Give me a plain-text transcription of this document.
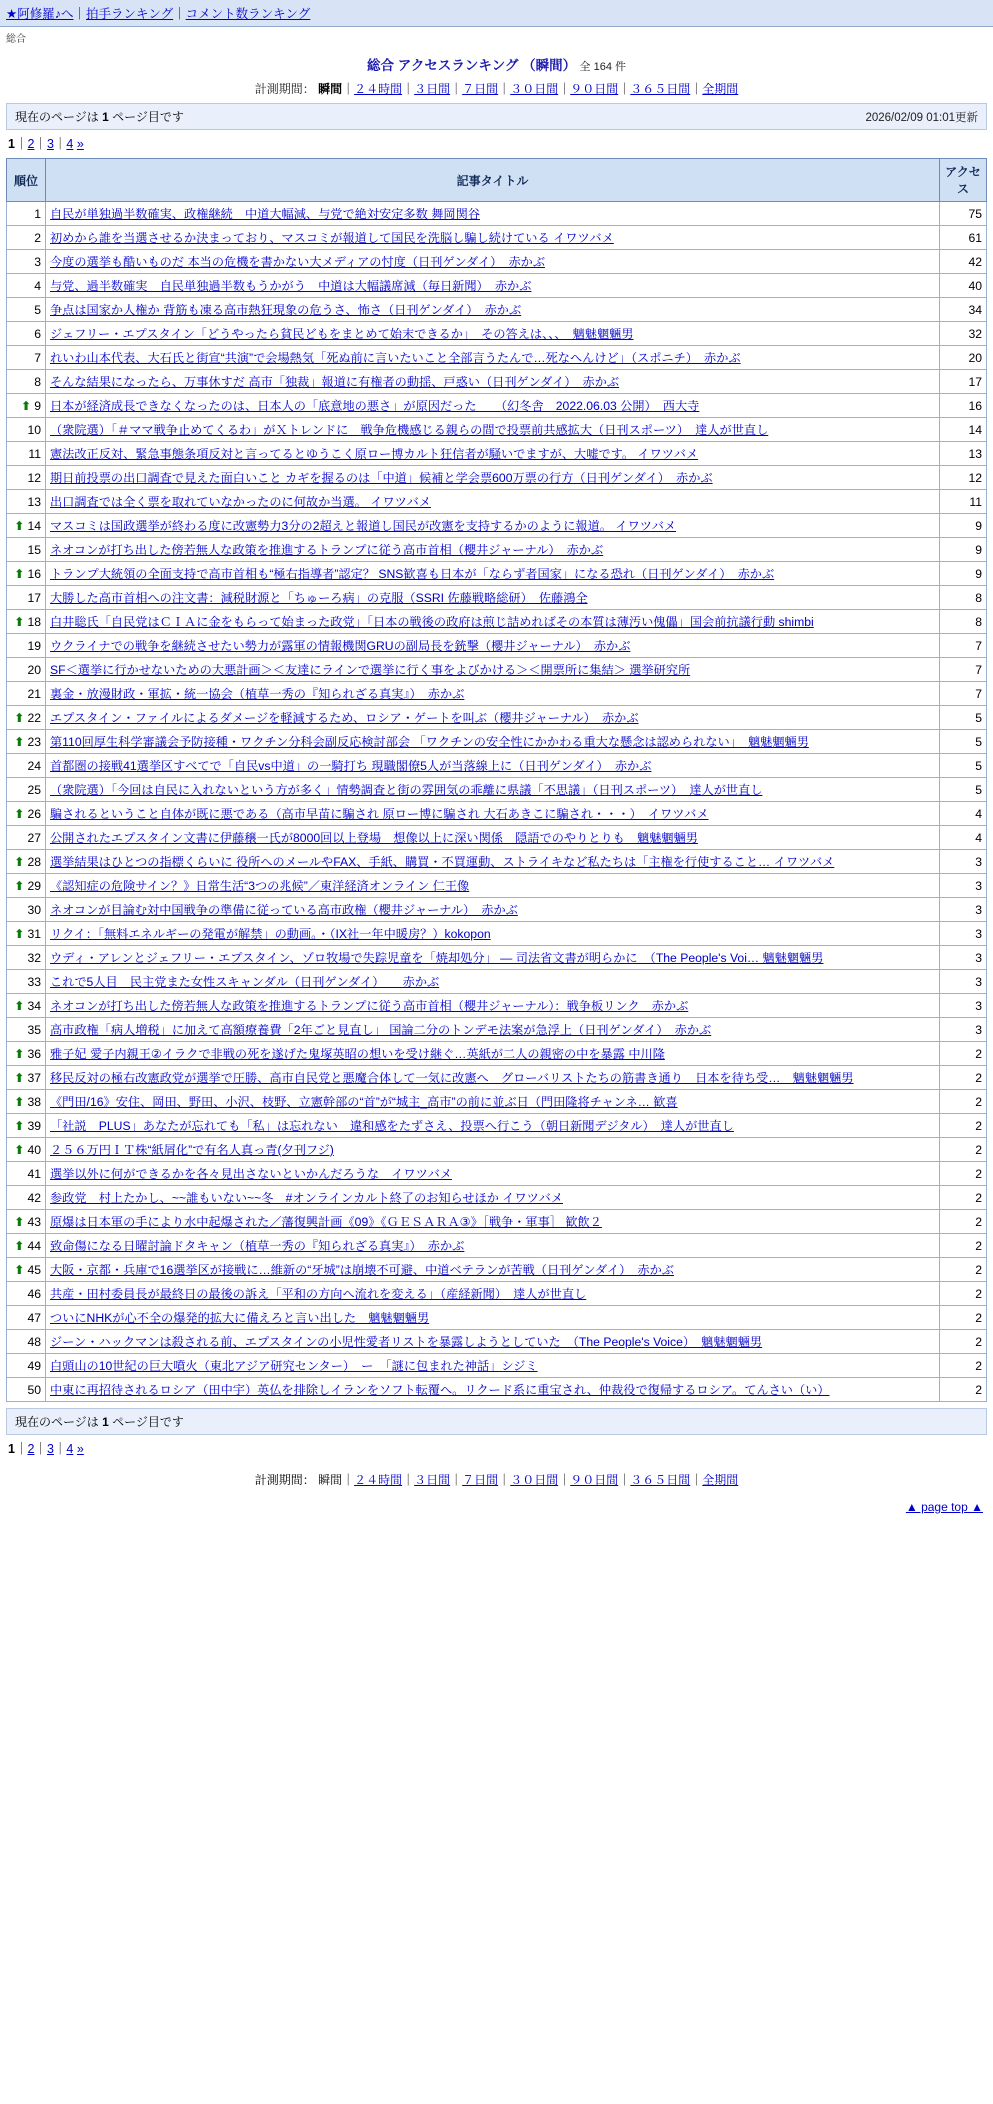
★阿修羅♪へ｜拍手ランキング｜コメント数ランキング
総合
総合 アクセスランキング （瞬間） 全 164 件
計測期間： 瞬間｜２４時間｜３日間｜７日間｜３０日間｜９０日間｜３６５日間｜全期間
現在のページは 1 ページ目です	2026/02/09 01:01更新
1｜2｜3｜4 »
順位	記事タイトル	アクセス
1	自民が単独過半数確実、政権継続　中道大幅減、与党で絶対安定多数 舞岡関谷	75
2	初めから誰を当選させるか決まっており、マスコミが報道して国民を洗脳し騙し続けている イワツバメ	61
3	今度の選挙も酷いものだ 本当の危機を書かない大メディアの忖度（日刊ゲンダイ）　赤かぶ	42
4	与党、過半数確実　自民単独過半数もうかがう　中道は大幅議席減（毎日新聞）　赤かぶ	40
5	争点は国家か人権か 背筋も凍る高市熱狂現象の危うさ、怖さ（日刊ゲンダイ）　赤かぶ	34
6	ジェフリー・エプスタイン「どうやったら貧民どもをまとめて始末できるか」　その答えは、、、　魑魅魍魎男	32
7	れいわ山本代表、大石氏と街宣“共演”で会場熱気「死ぬ前に言いたいこと全部言うたんで…死なへんけど」（スポニチ）　赤かぶ	20
8	そんな結果になったら、万事休すだ 高市「独裁」報道に有権者の動揺、戸惑い（日刊ゲンダイ）　赤かぶ	17
⬆ 9	日本が経済成長できなくなったのは、日本人の「底意地の悪さ」が原因だった　　（幻冬舎　2022.06.03 公開）　西大寺	16
10	（衆院選）「＃ママ戦争止めてくるわ」がＸトレンドに　戦争危機感じる親らの間で投票前共感拡大（日刊スポーツ）　達人が世直し	14
11	憲法改正反対、緊急事態条項反対と言ってるとゆうこく原ロー博カルト狂信者が騒いでますが、大嘘です。 イワツバメ	13
12	期日前投票の出口調査で見えた面白いこと カギを握るのは「中道」候補と学会票600万票の行方（日刊ゲンダイ）　赤かぶ	12
13	出口調査では全く票を取れていなかったのに何故か当選。 イワツバメ	11
⬆ 14	マスコミは国政選挙が終わる度に改憲勢力3分の2超えと報道し国民が改憲を支持するかのように報道。 イワツバメ	9
15	ネオコンが打ち出した傍若無人な政策を推進するトランプに従う高市首相（櫻井ジャーナル）　赤かぶ	9
⬆ 16	トランプ大統領の全面支持で高市首相も“極右指導者”認定？ SNS歓喜も日本が「ならず者国家」になる恐れ（日刊ゲンダイ）　赤かぶ	9
17	大勝した高市首相への注文書：減税財源と「ちゅーろ病」の克服（SSRI 佐藤戦略総研）　佐藤鴻全	8
⬆ 18	白井聡氏「自民党はＣＩＡに金をもらって始まった政党」「日本の戦後の政府は煎じ詰めればその本質は薄汚い傀儡」国会前抗議行動 shimbi	8
19	ウクライナでの戦争を継続させたい勢力が露軍の情報機関GRUの副局長を銃撃（櫻井ジャーナル）　赤かぶ	7
20	SF＜選挙に行かせないための大悪計画＞＜友達にラインで選挙に行く事をよびかける＞＜開票所に集結＞ 選挙研究所	7
21	裏金・放漫財政・軍拡・統一協会（植草一秀の『知られざる真実』）　赤かぶ	7
⬆ 22	エプスタイン・ファイルによるダメージを軽減するため、ロシア・ゲートを叫ぶ（櫻井ジャーナル）　赤かぶ	5
⬆ 23	第110回厚生科学審議会予防接種・ワクチン分科会副反応検討部会 「ワクチンの安全性にかかわる重大な懸念は認められない」　魑魅魍魎男	5
24	首都圏の接戦41選挙区すべてで「自民vs中道」の一騎打ち 現職閣僚5人が当落線上に（日刊ゲンダイ）　赤かぶ	5
25	（衆院選）「今回は自民に入れないという方が多く」情勢調査と街の雰囲気の乖離に県議「不思議」（日刊スポーツ）　達人が世直し	5
⬆ 26	騙されるということ自体が既に悪である（高市早苗に騙され 原ロー博に騙され 大石あきこに騙され・・・）　イワツバメ	4
27	公開されたエプスタイン文書に伊藤穣一氏が8000回以上登場　想像以上に深い関係　隠語でのやりとりも　魑魅魍魎男	4
⬆ 28	選挙結果はひとつの指標くらいに 役所へのメールやFAX、手紙、購買・不買運動、ストライキなど私たちは「主権を行使すること… イワツバメ	3
⬆ 29	《認知症の危険サイン？》日常生活“3つの兆候”／東洋経済オンライン 仁王像	3
30	ネオコンが目論む対中国戦争の準備に従っている高市政権（櫻井ジャーナル）　赤かぶ	3
⬆ 31	リクイ：「無料エネルギーの発電が解禁」の動画。・（IX社一年中暖房？）kokopon	3
32	ウディ・アレンとジェフリー・エプスタイン、ゾロ牧場で失踪児童を「焼却処分」 ― 司法省文書が明らかに　（The People's Voi… 魑魅魍魎男	3
33	これで5人目　民主党また女性スキャンダル（日刊ゲンダイ）　　赤かぶ	3
⬆ 34	ネオコンが打ち出した傍若無人な政策を推進するトランプに従う高市首相（櫻井ジャーナル）：戦争板リンク　赤かぶ	3
35	高市政権「病人増税」に加えて高額療養費「2年ごと見直し」 国論二分のトンデモ法案が急浮上（日刊ゲンダイ）　赤かぶ	3
⬆ 36	雅子妃 愛子内親王②イラクで非戦の死を遂げた鬼塚英昭の想いを受け継ぐ…英紙が二人の親密の中を暴露 中川隆	2
⬆ 37	移民反対の極右改憲政党が選挙で圧勝、高市自民党と悪魔合体して一気に改憲へ　グローバリストたちの筋書き通り　日本を待ち受…　魑魅魍魎男	2
⬆ 38	《門田/16》安住、岡田、野田、小沢、枝野、立憲幹部の“首”が“城主_高市”の前に並ぶ日（門田隆将チャンネ… 歓喜	2
⬆ 39	「社説　PLUS」あなたが忘れても「私」は忘れない　違和感をたずさえ、投票へ行こう（朝日新聞デジタル）　達人が世直し	2
⬆ 40	２５６万円ＩＴ株“紙屑化”で有名人真っ青(夕刊フジ)	2
41	選挙以外に何ができるかを各々見出さないといかんだろうな　イワツバメ	2
42	参政党　村上たかし、~~誰もいない~~冬　#オンラインカルト終了のお知らせほか イワツバメ	2
⬆ 43	原爆は日本軍の手により水中起爆された／藩復興計画《09》《ＧＥＳＡＲＡ③》［戦争・軍事］ 歓飲２	2
⬆ 44	致命傷になる日曜討論ドタキャン（植草一秀の『知られざる真実』）　赤かぶ	2
⬆ 45	大阪・京都・兵庫で16選挙区が接戦に…維新の“牙城”は崩壊不可避、中道ベテランが苦戦（日刊ゲンダイ）　赤かぶ	2
46	共産・田村委員長が最終日の最後の訴え「平和の方向へ流れを変える」（産経新聞）　達人が世直し	2
47	ついにNHKが心不全の爆発的拡大に備えろと言い出した　魑魅魍魎男	2
48	ジーン・ハックマンは殺される前、エプスタインの小児性愛者リストを暴露しようとしていた　（The People's Voice）　魑魅魍魎男	2
49	白頭山の10世紀の巨大噴火（東北アジア研究センター）　ー　「謎に包まれた神話」シジミ	2
50	中東に再招待されるロシア（田中宇）英仏を排除しイランをソフト転覆へ。リクード系に重宝され、仲裁役で復帰するロシア。てんさい（い）	2
現在のページは 1 ページ目です
1｜2｜3｜4 »
計測期間： 瞬間｜２４時間｜３日間｜７日間｜３０日間｜９０日間｜３６５日間｜全期間
▲ page top ▲
